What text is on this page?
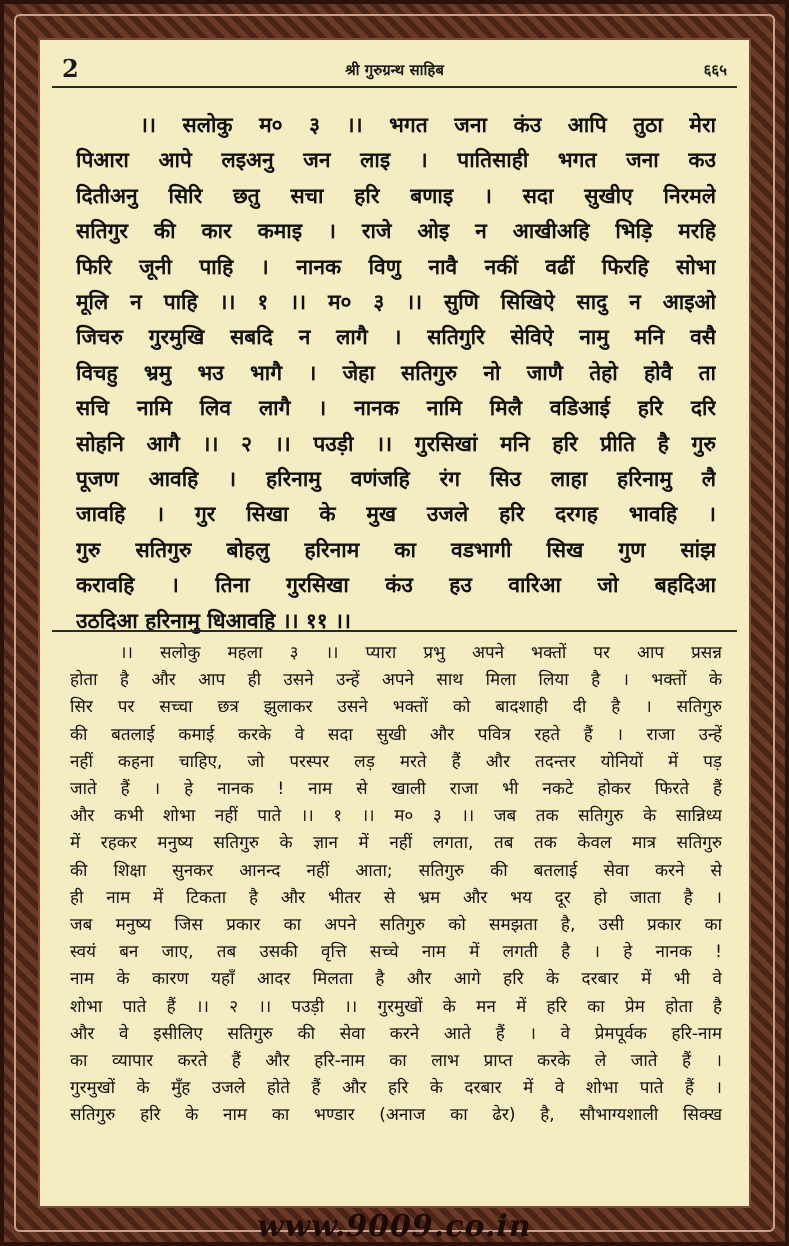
2	श्री गुरुग्रन्थ साहिब	६६५
।। सलोकु म० ३ ।। भगत जना कंउ आपि तुठा मेरा
पिआरा आपे लइअनु जन लाइ । पातिसाही भगत जना कउ
दितीअनु सिरि छतु सचा हरि बणाइ । सदा सुखीए निरमले
सतिगुर की कार कमाइ । राजे ओइ न आखीअहि भिड़ि मरहि
फिरि जूनी पाहि । नानक विणु नावै नकीं वढीं फिरहि सोभा
मूलि न पाहि ।। १ ।। म० ३ ।। सुणि सिखिऐ सादु न आइओ
जिचरु गुरमुखि सबदि न लागै । सतिगुरि सेविऐ नामु मनि वसै
विचहु भ्रमु भउ भागै । जेहा सतिगुरु नो जाणै तेहो होवै ता
सचि नामि लिव लागै । नानक नामि मिलै वडिआई हरि दरि
सोहनि आगै ।। २ ।। पउड़ी ।। गुरसिखां मनि हरि प्रीति है गुरु
पूजण आवहि । हरिनामु वणंजहि रंग सिउ लाहा हरिनामु लै
जावहि । गुर सिखा के मुख उजले हरि दरगह भावहि ।
गुरु सतिगुरु बोहलु हरिनाम का वडभागी सिख गुण सांझ
करावहि । तिना गुरसिखा कंउ हउ वारिआ जो बहदिआ
उठदिआ हरिनामु धिआवहि ।। ११ ।।
।। सलोकु महला ३ ।। प्यारा प्रभु अपने भक्तों पर आप प्रसन्न
होता है और आप ही उसने उन्हें अपने साथ मिला लिया है । भक्तों के
सिर पर सच्चा छत्र झुलाकर उसने भक्तों को बादशाही दी है । सतिगुरु
की बतलाई कमाई करके वे सदा सुखी और पवित्र रहते हैं । राजा उन्हें
नहीं कहना चाहिए, जो परस्पर लड़ मरते हैं और तदन्तर योनियों में पड़
जाते हैं । हे नानक ! नाम से खाली राजा भी नकटे होकर फिरते हैं
और कभी शोभा नहीं पाते ।। १ ।। म० ३ ।। जब तक सतिगुरु के सान्निध्य
में रहकर मनुष्य सतिगुरु के ज्ञान में नहीं लगता, तब तक केवल मात्र सतिगुरु
की शिक्षा सुनकर आनन्द नहीं आता; सतिगुरु की बतलाई सेवा करने से
ही नाम में टिकता है और भीतर से भ्रम और भय दूर हो जाता है ।
जब मनुष्य जिस प्रकार का अपने सतिगुरु को समझता है, उसी प्रकार का
स्वयं बन जाए, तब उसकी वृत्ति सच्चे नाम में लगती है । हे नानक !
नाम के कारण यहाँ आदर मिलता है और आगे हरि के दरबार में भी वे
शोभा पाते हैं ।। २ ।। पउड़ी ।। गुरमुखों के मन में हरि का प्रेम होता है
और वे इसीलिए सतिगुरु की सेवा करने आते हैं । वे प्रेमपूर्वक हरि-नाम
का व्यापार करते हैं और हरि-नाम का लाभ प्राप्त करके ले जाते हैं ।
गुरमुखों के मुँह उजले होते हैं और हरि के दरबार में वे शोभा पाते हैं ।
सतिगुरु हरि के नाम का भण्डार (अनाज का ढेर) है, सौभाग्यशाली सिक्ख
www.9009.co.in
